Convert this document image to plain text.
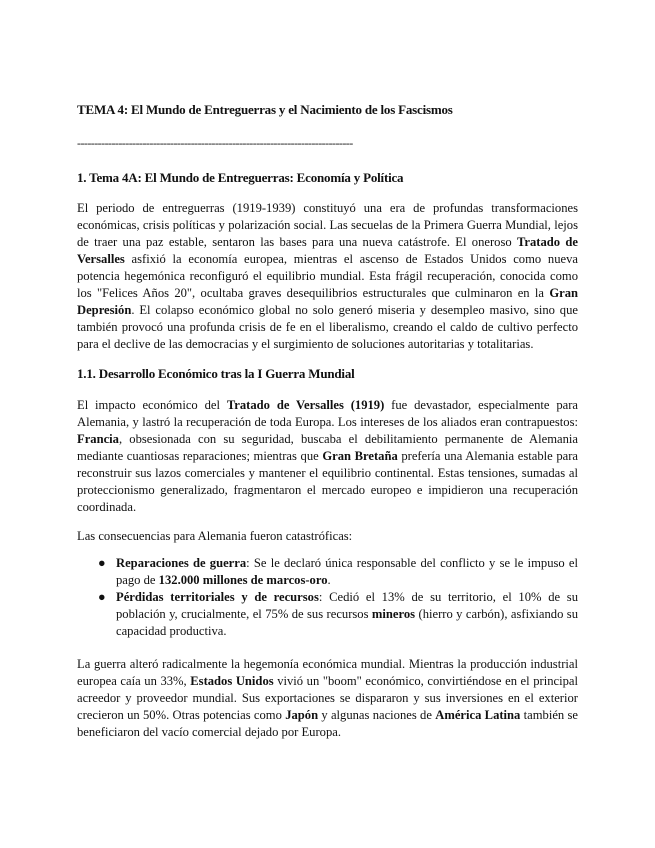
TEMA 4: El Mundo de Entreguerras y el Nacimiento de los Fascismos
--------------------------------------------------------------------------------
1. Tema 4A: El Mundo de Entreguerras: Economía y Política

El periodo de entreguerras (1919-1939) constituyó una era de profundas transformaciones económicas, crisis políticas y polarización social. Las secuelas de la Primera Guerra Mundial, lejos de traer una paz estable, sentaron las bases para una nueva catástrofe. El oneroso Tratado de Versalles asfixió la economía europea, mientras el ascenso de Estados Unidos como nueva potencia hegemónica reconfiguró el equilibrio mundial. Esta frágil recuperación, conocida como los "Felices Años 20", ocultaba graves desequilibrios estructurales que culminaron en la Gran Depresión. El colapso económico global no solo generó miseria y desempleo masivo, sino que también provocó una profunda crisis de fe en el liberalismo, creando el caldo de cultivo perfecto para el declive de las democracias y el surgimiento de soluciones autoritarias y totalitarias.

1.1. Desarrollo Económico tras la I Guerra Mundial

El impacto económico del Tratado de Versalles (1919) fue devastador, especialmente para Alemania, y lastró la recuperación de toda Europa. Los intereses de los aliados eran contrapuestos: Francia, obsesionada con su seguridad, buscaba el debilitamiento permanente de Alemania mediante cuantiosas reparaciones; mientras que Gran Bretaña prefería una Alemania estable para reconstruir sus lazos comerciales y mantener el equilibrio continental. Estas tensiones, sumadas al proteccionismo generalizado, fragmentaron el mercado europeo e impidieron una recuperación coordinada.

Las consecuencias para Alemania fueron catastróficas:

● Reparaciones de guerra: Se le declaró única responsable del conflicto y se le impuso el pago de 132.000 millones de marcos-oro.
● Pérdidas territoriales y de recursos: Cedió el 13% de su territorio, el 10% de su población y, crucialmente, el 75% de sus recursos mineros (hierro y carbón), asfixiando su capacidad productiva.

La guerra alteró radicalmente la hegemonía económica mundial. Mientras la producción industrial europea caía un 33%, Estados Unidos vivió un "boom" económico, convirtiéndose en el principal acreedor y proveedor mundial. Sus exportaciones se dispararon y sus inversiones en el exterior crecieron un 50%. Otras potencias como Japón y algunas naciones de América Latina también se beneficiaron del vacío comercial dejado por Europa.
